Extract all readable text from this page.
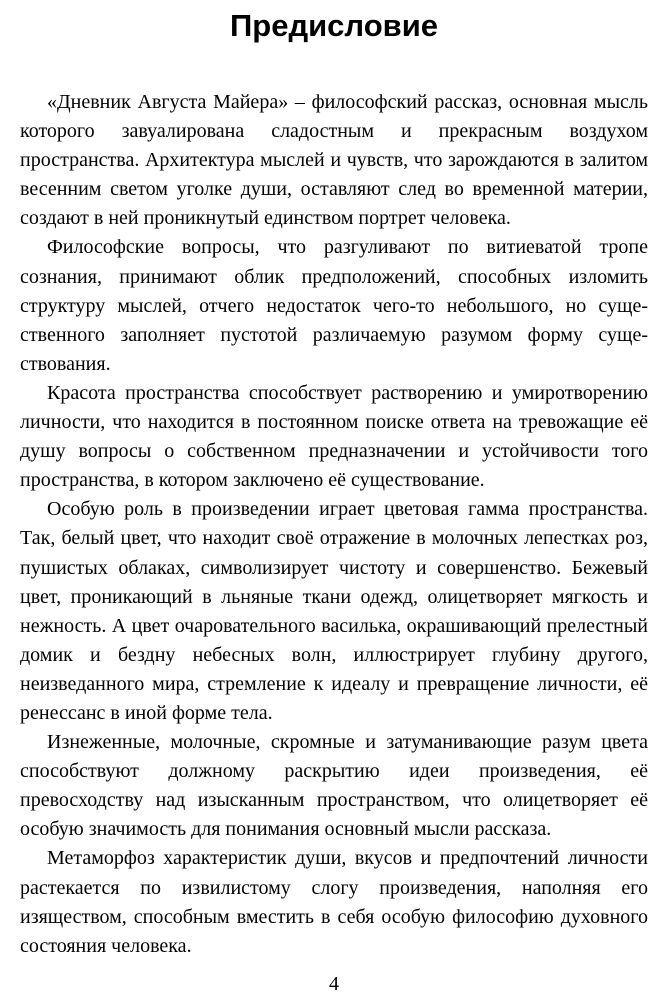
Предисловие

«Дневник Августа Майера» – философский рассказ, основная мысль которого завуалирована сладостным и прекрасным воздухом пространства. Архитектура мыслей и чувств, что зарождаются в залитом весенним светом уголке души, оставляют след во временной материи, создают в ней проникнутый единством портрет человека.

Философские вопросы, что разгуливают по витиеватой тропе сознания, принимают облик предположений, способных изломить структуру мыслей, отчего недостаток чего-то небольшого, но существенного заполняет пустотой различаемую разумом форму существования.

Красота пространства способствует растворению и умиротворению личности, что находится в постоянном поиске ответа на тревожащие её душу вопросы о собственном предназначении и устойчивости того пространства, в котором заключено её существование.

Особую роль в произведении играет цветовая гамма пространства. Так, белый цвет, что находит своё отражение в молочных лепестках роз, пушистых облаках, символизирует чистоту и совершенство. Бежевый цвет, проникающий в льняные ткани одежд, олицетворяет мягкость и нежность. А цвет очаровательного василька, окрашивающий прелестный домик и бездну небесных волн, иллюстрирует глубину другого, неизведанного мира, стремление к идеалу и превращение личности, её ренессанс в иной форме тела.

Изнеженные, молочные, скромные и затуманивающие разум цвета способствуют должному раскрытию идеи произведения, её превосходству над изысканным пространством, что олицетворяет её особую значимость для понимания основный мысли рассказа.

Метаморфоз характеристик души, вкусов и предпочтений личности растекается по извилистому слогу произведения, наполняя его изяществом, способным вместить в себя особую философию духовного состояния человека.

4
